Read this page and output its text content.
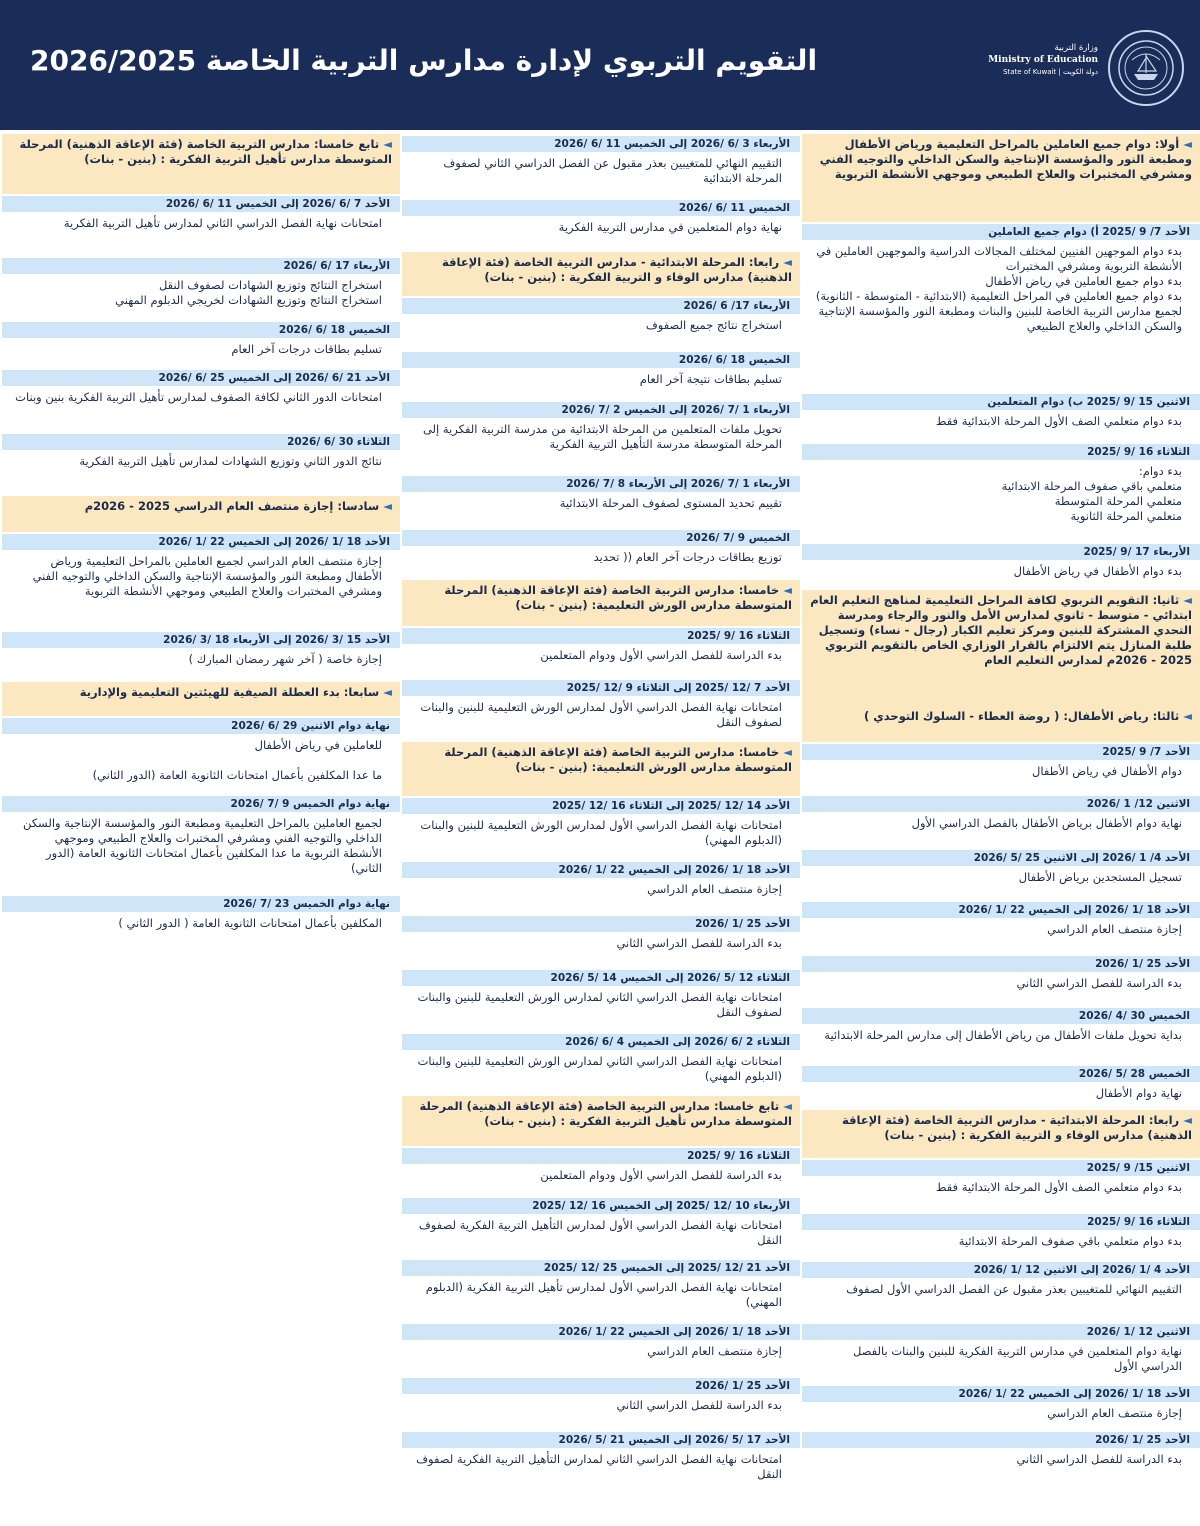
التقويم التربوي لإدارة مدارس التربية الخاصة 2026/2025	وزارة التربية
Ministry of Education
State of Kuwait | دولة الكويت
◄ أولا: دوام جميع العاملين بالمراحل التعليمية ورياض الأطفال ومطبعة النور والمؤسسة الإنتاجية والسكن الداخلي والتوجيه الفني ومشرفي المختبرات والعلاج الطبيعي وموجهي الأنشطة التربوية
الأحد 7/ 9 /2025 أ) دوام جميع العاملين
بدء دوام الموجهين الفنيين لمختلف المجالات الدراسية والموجهين العاملين في الأنشطة التربوية ومشرفي المختبرات
بدء دوام جميع العاملين في رياض الأطفال
بدء دوام جميع العاملين في المراحل التعليمية (الابتدائية - المتوسطة - الثانوية) لجميع مدارس التربية الخاصة للبنين والبنات ومطبعة النور والمؤسسة الإنتاجية والسكن الداخلي والعلاج الطبيعي
الاثنين 15 /9 /2025 ب) دوام المتعلمين
بدء دوام متعلمي الصف الأول المرحلة الابتدائية فقط
الثلاثاء 16 /9 /2025
بدء دوام:
متعلمي باقي صفوف المرحلة الابتدائية
متعلمي المرحلة المتوسطة
متعلمي المرحلة الثانوية
الأربعاء 17 /9 /2025
بدء دوام الأطفال في رياض الأطفال
◄ ثانيا: التقويم التربوي لكافة المراحل التعليمية لمناهج التعليم العام ابتدائي - متوسط - ثانوي لمدارس الأمل والنور والرجاء ومدرسة التحدي المشتركة للبنين ومركز تعليم الكبار (رجال - نساء) وتسجيل طلبة المنازل يتم الالتزام بالقرار الوزاري الخاص بالتقويم التربوي 2025 - 2026م لمدارس التعليم العام
◄ ثالثا: رياض الأطفال: ( روضة العطاء - السلوك التوحدي )
الأحد 7/ 9 /2025
دوام الأطفال في رياض الأطفال
الاثنين 12/ 1 /2026
نهاية دوام الأطفال برياض الأطفال بالفصل الدراسي الأول
الأحد 4/ 1 /2026 إلى الاثنين 25 /5 /2026
تسجيل المستجدين برياض الأطفال
الأحد 18 /1 /2026 إلى الخميس 22 /1 /2026
إجازة منتصف العام الدراسي
الأحد 25 /1 /2026
بدء الدراسة للفصل الدراسي الثاني
الخميس 30 /4 /2026
بداية تحويل ملفات الأطفال من رياض الأطفال إلى مدارس المرحلة الابتدائية
الخميس 28 /5 /2026
نهاية دوام الأطفال
◄ رابعا: المرحلة الابتدائية - مدارس التربية الخاصة (فئة الإعاقة الذهنية) مدارس الوفاء و التربية الفكرية : (بنين - بنات)
الاثنين 15/ 9 /2025
بدء دوام متعلمي الصف الأول المرحلة الابتدائية فقط
الثلاثاء 16 /9 /2025
بدء دوام متعلمي باقي صفوف المرحلة الابتدائية
الأحد 4 /1 /2026 إلى الاثنين 12 /1 /2026
التقييم النهائي للمتغيبين بعذر مقبول عن الفصل الدراسي الأول لصفوف
الاثنين 12 /1 /2026
نهاية دوام المتعلمين في مدارس التربية الفكرية للبنين والبنات بالفصل الدراسي الأول
الأحد 18 /1 /2026 إلى الخميس 22 /1 /2026
إجازة منتصف العام الدراسي
الأحد 25 /1 /2026
بدء الدراسة للفصل الدراسي الثاني
الأربعاء 3 /6 /2026 إلى الخميس 11 /6 /2026
التقييم النهائي للمتغيبين بعذر مقبول عن الفصل الدراسي الثاني لصفوف المرحلة الابتدائية
الخميس 11 /6 /2026
نهاية دوام المتعلمين في مدارس التربية الفكرية
◄ رابعا: المرحلة الابتدائية - مدارس التربية الخاصة (فئة الإعاقة الذهنية) مدارس الوفاء و التربية الفكرية : (بنين - بنات)
الأربعاء 17/ 6 /2026
استخراج نتائج جميع الصفوف
الخميس 18 /6 /2026
تسليم بطاقات نتيجة آخر العام
الأربعاء 1 /7 /2026 إلى الخميس 2 /7 /2026
تحويل ملفات المتعلمين من المرحلة الابتدائية من مدرسة التربية الفكرية إلى المرحلة المتوسطة مدرسة التأهيل التربية الفكرية
الأربعاء 1 /7 /2026 إلى الأربعاء 8 /7 /2026
تقييم تحديد المستوى لصفوف المرحلة الابتدائية
الخميس 9 /7 /2026
توزيع بطاقات درجات آخر العام (( تحديد
◄ خامسا: مدارس التربية الخاصة (فئة الإعاقة الذهنية) المرحلة المتوسطة مدارس الورش التعليمية: (بنين - بنات)
الثلاثاء 16 /9 /2025
بدء الدراسة للفصل الدراسي الأول ودوام المتعلمين
الأحد 7 /12 /2025 إلى الثلاثاء 9 /12 /2025
امتحانات نهاية الفصل الدراسي الأول لمدارس الورش التعليمية للبنين والبنات لصفوف النقل
◄ خامسا: مدارس التربية الخاصة (فئة الإعاقة الذهنية) المرحلة المتوسطة مدارس الورش التعليمية: (بنين - بنات)
الأحد 14 /12 /2025 إلى الثلاثاء 16 /12 /2025
امتحانات نهاية الفصل الدراسي الأول لمدارس الورش التعليمية للبنين والبنات (الدبلوم المهني)
الأحد 18 /1 /2026 إلى الخميس 22 /1 /2026
إجازة منتصف العام الدراسي
الأحد 25 /1 /2026
بدء الدراسة للفصل الدراسي الثاني
الثلاثاء 12 /5 /2026 إلى الخميس 14 /5 /2026
امتحانات نهاية الفصل الدراسي الثاني لمدارس الورش التعليمية للبنين والبنات لصفوف النقل
الثلاثاء 2 /6 /2026 إلى الخميس 4 /6 /2026
امتحانات نهاية الفصل الدراسي الثاني لمدارس الورش التعليمية للبنين والبنات (الدبلوم المهني)
◄ تابع خامسا: مدارس التربية الخاصة (فئة الإعاقة الذهنية) المرحلة المتوسطة مدارس تأهيل التربية الفكرية : (بنين - بنات)
الثلاثاء 16 /9 /2025
بدء الدراسة للفصل الدراسي الأول ودوام المتعلمين
الأربعاء 10 /12 /2025 إلى الخميس 16 /12 /2025
امتحانات نهاية الفصل الدراسي الأول لمدارس التأهيل التربية الفكرية لصفوف النقل
الأحد 21 /12 /2025 إلى الخميس 25 /12 /2025
امتحانات نهاية الفصل الدراسي الأول لمدارس تأهيل التربية الفكرية (الدبلوم المهني)
الأحد 18 /1 /2026 إلى الخميس 22 /1 /2026
إجازة منتصف العام الدراسي
الأحد 25 /1 /2026
بدء الدراسة للفصل الدراسي الثاني
الأحد 17 /5 /2026 إلى الخميس 21 /5 /2026
امتحانات نهاية الفصل الدراسي الثاني لمدارس التأهيل التربية الفكرية لصفوف النقل
◄ تابع خامسا: مدارس التربية الخاصة (فئة الإعاقة الذهنية) المرحلة المتوسطة مدارس تأهيل التربية الفكرية : (بنين - بنات)
الأحد 7 /6 /2026 إلى الخميس 11 /6 /2026
امتحانات نهاية الفصل الدراسي الثاني لمدارس تأهيل التربية الفكرية
الأربعاء 17 /6 /2026
استخراج النتائج وتوزيع الشهادات لصفوف النقل
استخراج النتائج وتوزيع الشهادات لخريجي الدبلوم المهني
الخميس 18 /6 /2026
تسليم بطاقات درجات آخر العام
الأحد 21 /6 /2026 إلى الخميس 25 /6 /2026
امتحانات الدور الثاني لكافة الصفوف لمدارس تأهيل التربية الفكرية بنين وبنات
الثلاثاء 30 /6 /2026
نتائج الدور الثاني وتوزيع الشهادات لمدارس تأهيل التربية الفكرية
◄ سادسا: إجازة منتصف العام الدراسي 2025 - 2026م
الأحد 18 /1 /2026 إلى الخميس 22 /1 /2026
إجازة منتصف العام الدراسي لجميع العاملين بالمراحل التعليمية ورياض الأطفال ومطبعة النور والمؤسسة الإنتاجية والسكن الداخلي والتوجيه الفني ومشرفي المختبرات والعلاج الطبيعي وموجهي الأنشطة التربوية
الأحد 15 /3 /2026 إلى الأربعاء 18 /3 /2026
إجازة خاصة ( آخر شهر رمضان المبارك )
◄ سابعا: بدء العطلة الصيفية للهيئتين التعليمية والإدارية
نهاية دوام الاثنين 29 /6 /2026
للعاملين في رياض الأطفال

ما عدا المكلفين بأعمال امتحانات الثانوية العامة (الدور الثاني)
نهاية دوام الخميس 9 /7 /2026
لجميع العاملين بالمراحل التعليمية ومطبعة النور والمؤسسة الإنتاجية والسكن الداخلي والتوجيه الفني ومشرفي المختبرات والعلاج الطبيعي وموجهي الأنشطة التربوية ما عدا المكلفين بأعمال امتحانات الثانوية العامة (الدور الثاني)
نهاية دوام الخميس 23 /7 /2026
المكلفين بأعمال امتحانات الثانوية العامة ( الدور الثاني )
